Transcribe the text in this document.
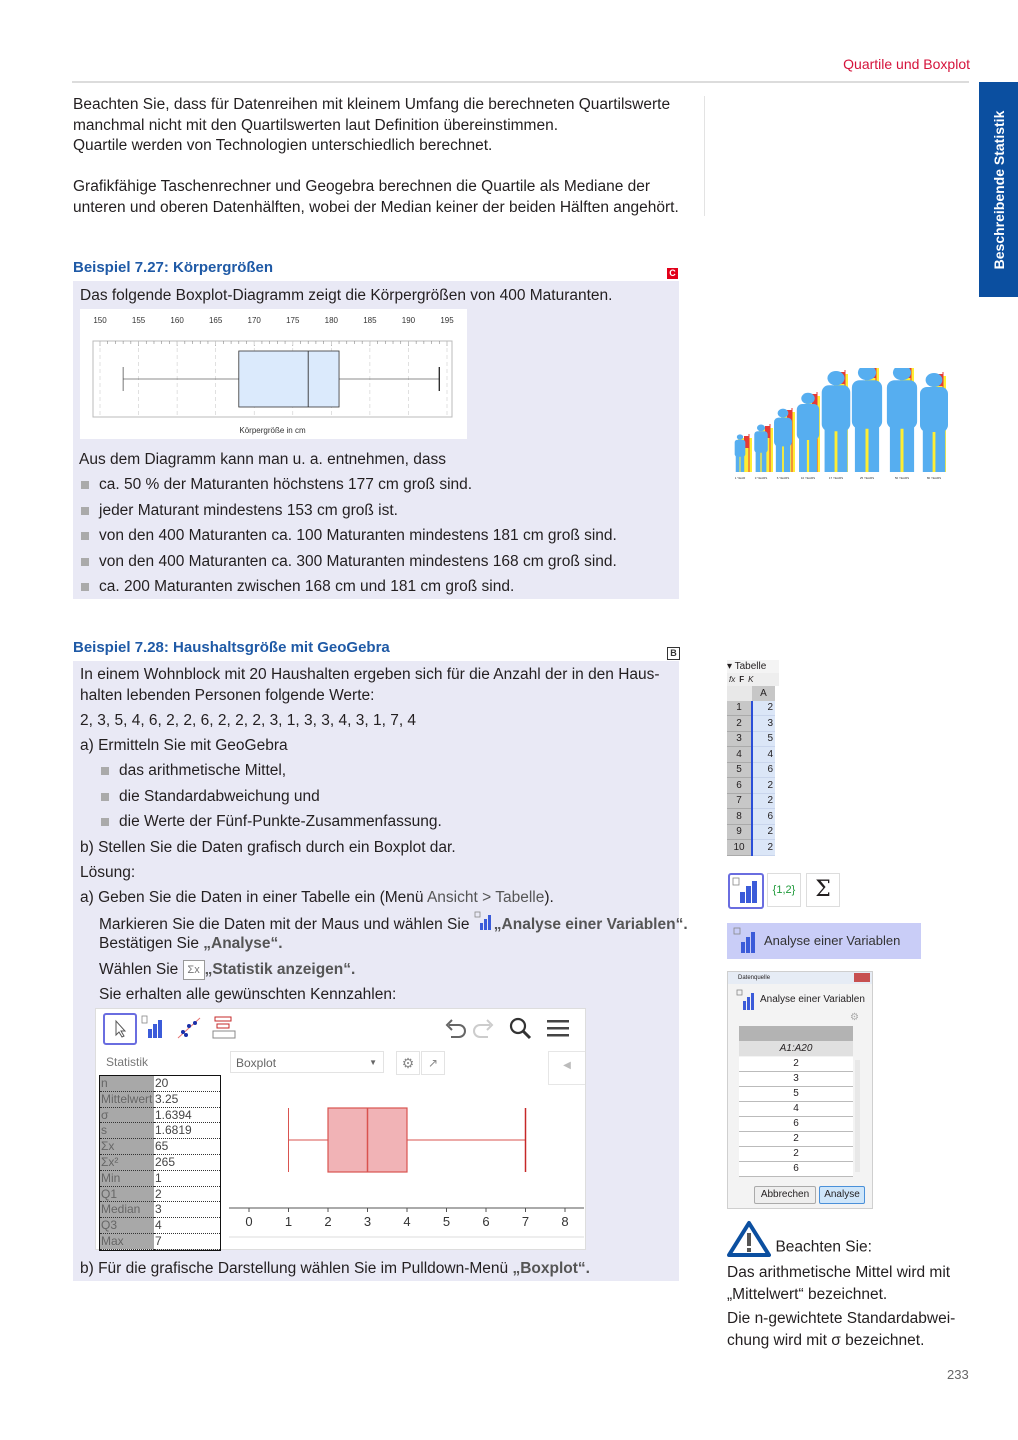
Quartile und Boxplot
Beschreibende Statistik
Beachten Sie, dass für Datenreihen mit kleinem Umfang die berechneten Quartilswerte
manchmal nicht mit den Quartilswerten laut Definition übereinstimmen.
Quartile werden von Technologien unterschiedlich berechnet.
Grafikfähige Taschenrechner und Geogebra berechnen die Quartile als Mediane der
unteren und oberen Datenhälften, wobei der Median keiner der beiden Hälften angehört.
Beispiel 7.27: Körpergrößen	C
Das folgende Boxplot-Diagramm zeigt die Körpergrößen von 400 Maturanten.
150	155	160	165	170	175	180	185	190	195
Körpergröße in cm
Aus dem Diagramm kann man u. a. entnehmen, dass
ca. 50 % der Maturanten höchstens 177 cm groß sind.
jeder Maturant mindestens 153 cm groß ist.
von den 400 Maturanten ca. 100 Maturanten mindestens 181 cm groß sind.
von den 400 Maturanten ca. 300 Maturanten mindestens 168 cm groß sind.
ca. 200 Maturanten zwischen 168 cm und 181 cm groß sind.
1 YEAR	3 YEARS	6 YEARS	10 YEARS	17 YEARS	25 YEARS	50 YEARS	80 YEARS
Beispiel 7.28: Haushaltsgröße mit GeoGebra	B
In einem Wohnblock mit 20 Haushalten ergeben sich für die Anzahl der in den Haus-
halten lebenden Personen folgende Werte:
2, 3, 5, 4, 6, 2, 2, 6, 2, 2, 2, 3, 1, 3, 3, 4, 3, 1, 7, 4
a) Ermitteln Sie mit GeoGebra
das arithmetische Mittel,
die Standardabweichung und
die Werte der Fünf-Punkte-Zusammenfassung.
b) Stellen Sie die Daten grafisch durch ein Boxplot dar.
Lösung:
a) Geben Sie die Daten in einer Tabelle ein (Menü Ansicht > Tabelle).
Markieren Sie die Daten mit der Maus und wählen Sie „Analyse einer Variablen“.
Bestätigen Sie „Analyse“.
Wählen Sie Σx „Statistik anzeigen“.
Sie erhalten alle gewünschten Kennzahlen:
b) Für die grafische Darstellung wählen Sie im Pulldown-Menü „Boxplot“.
Statistik
n	20
Mittelwert	3.25
σ	1.6394
s	1.6819
Σx	65
Σx²	265
Min	1
Q1	2
Median	3
Q3	4
Max	7
Boxplot	▼	⚙	↗	◀
0 1 2 3 4 5 6 7 8
▾ Tabelle
fx F K
	A
1	2
2	3
3	5
4	4
5	6
6	2
7	2
8	6
9	2
10	2
{1,2} Σ
Analyse einer Variablen
Datenquelle
Analyse einer Variablen
⚙
A1:A20
2
3
5
4
6
2
2
6
Abbrechen	Analyse
Beachten Sie:
Das arithmetische Mittel wird mit
„Mittelwert“ bezeichnet.
Die n-gewichtete Standardabwei-
chung wird mit σ bezeichnet.
233
